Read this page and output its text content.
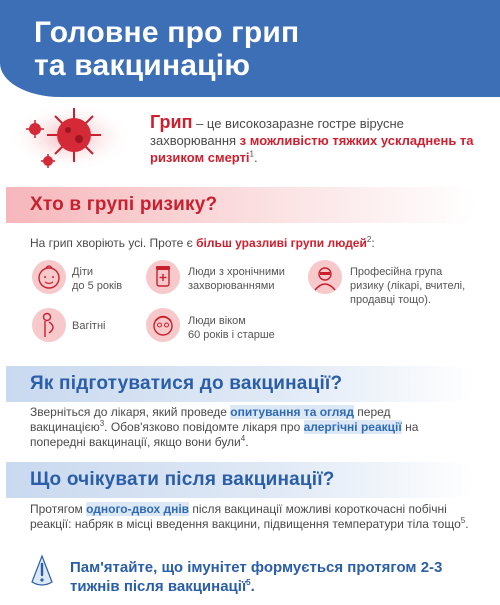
Головне про грип
та вакцинацію
Грип – це високозаразне гостре вірусне захворювання з можливістю тяжких ускладнень та ризиком смерті$^1$.
Хто в групі ризику?
На грип хворіють усі. Проте є більш уразливі групи людей$^2$:
Діти
до 5 років
Люди з хронічними
захворюваннями
Професійна група
ризику (лікарі, вчителі,
продавці тощо).
Вагітні	Люди віком
60 років і старше
Як підготуватися до вакцинації?
Зверніться до лікаря, який проведе опитування та огляд перед вакцинацією$^3$. Обов'язково повідомте лікаря про алергічні реакції на попередні вакцинації, якщо вони були$^4$.
Що очікувати після вакцинації?
Протягом одного-двох днів після вакцинації можливі короткочасні побічні реакції: набряк в місці введення вакцини, підвищення температури тіла тощо$^5$.
Пам'ятайте, що імунітет формується протягом 2-3 тижнів після вакцинації$^5$.
